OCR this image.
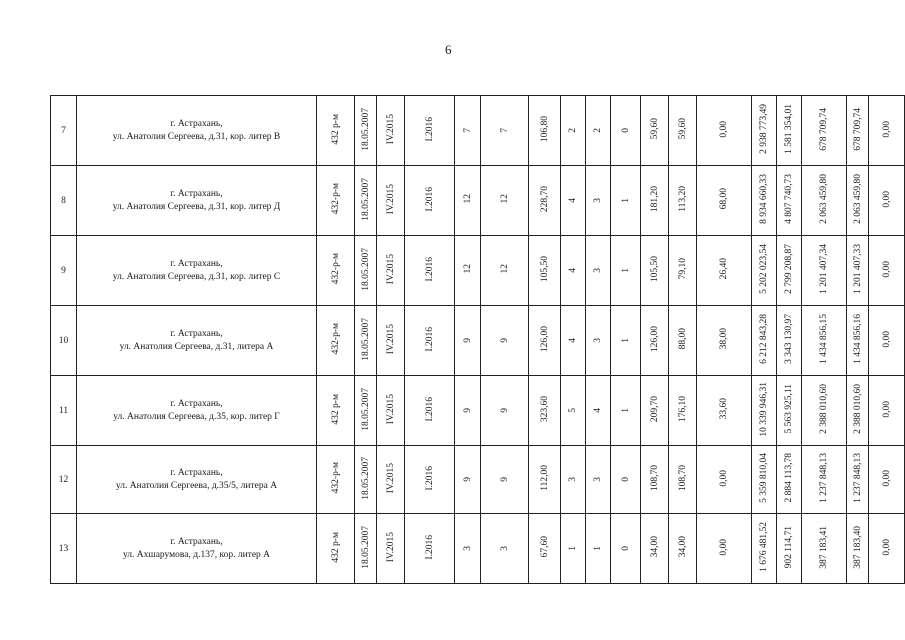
6
7	г. Астрахань,
ул. Анатолия Сергеева, д.31, кор. литер В	432 р-м	18.05.2007	IV.2015	I.2016	7	7	106,80	2	2	0	59,60	59,60	0,00	2 938 773,49	1 581 354,01	678 709,74	678 709,74	0,00
8	г. Астрахань,
ул. Анатолия Сергеева, д.31, кор. литер Д	432-р-м	18.05.2007	IV.2015	I.2016	12	12	228,70	4	3	1	181,20	113,20	68,00	8 934 660,33	4 807 740,73	2 063 459,80	2 063 459,80	0,00
9	г. Астрахань,
ул. Анатолия Сергеева, д.31, кор. литер С	432-р-м	18.05.2007	IV.2015	I.2016	12	12	105,50	4	3	1	105,50	79,10	26,40	5 202 023,54	2 799 208,87	1 201 407,34	1 201 407,33	0,00
10	г. Астрахань,
ул. Анатолия Сергеева, д.31, литера А	432-р-м	18.05.2007	IV.2015	I.2016	9	9	126,00	4	3	1	126,00	88,00	38,00	6 212 843,28	3 343 130,97	1 434 856,15	1 434 856,16	0,00
11	г. Астрахань,
ул. Анатолия Сергеева, д.35, кор. литер Г	432 р-м	18.05.2007	IV.2015	I.2016	9	9	323,60	5	4	1	209,70	176,10	33,60	10 339 946,31	5 563 925,11	2 388 010,60	2 388 010,60	0,00
12	г. Астрахань,
ул. Анатолия Сергеева, д.35/5, литера А	432-р-м	18.05.2007	IV.2015	I.2016	9	9	112,00	3	3	0	108,70	108,70	0,00	5 359 810,04	2 884 113,78	1 237 848,13	1 237 848,13	0,00
13	г. Астрахань,
ул. Ахшарумова, д.137, кор. литер А	432 р-м	18.05.2007	IV.2015	I.2016	3	3	67,60	1	1	0	34,00	34,00	0,00	1 676 481,52	902 114,71	387 183,41	387 183,40	0,00
